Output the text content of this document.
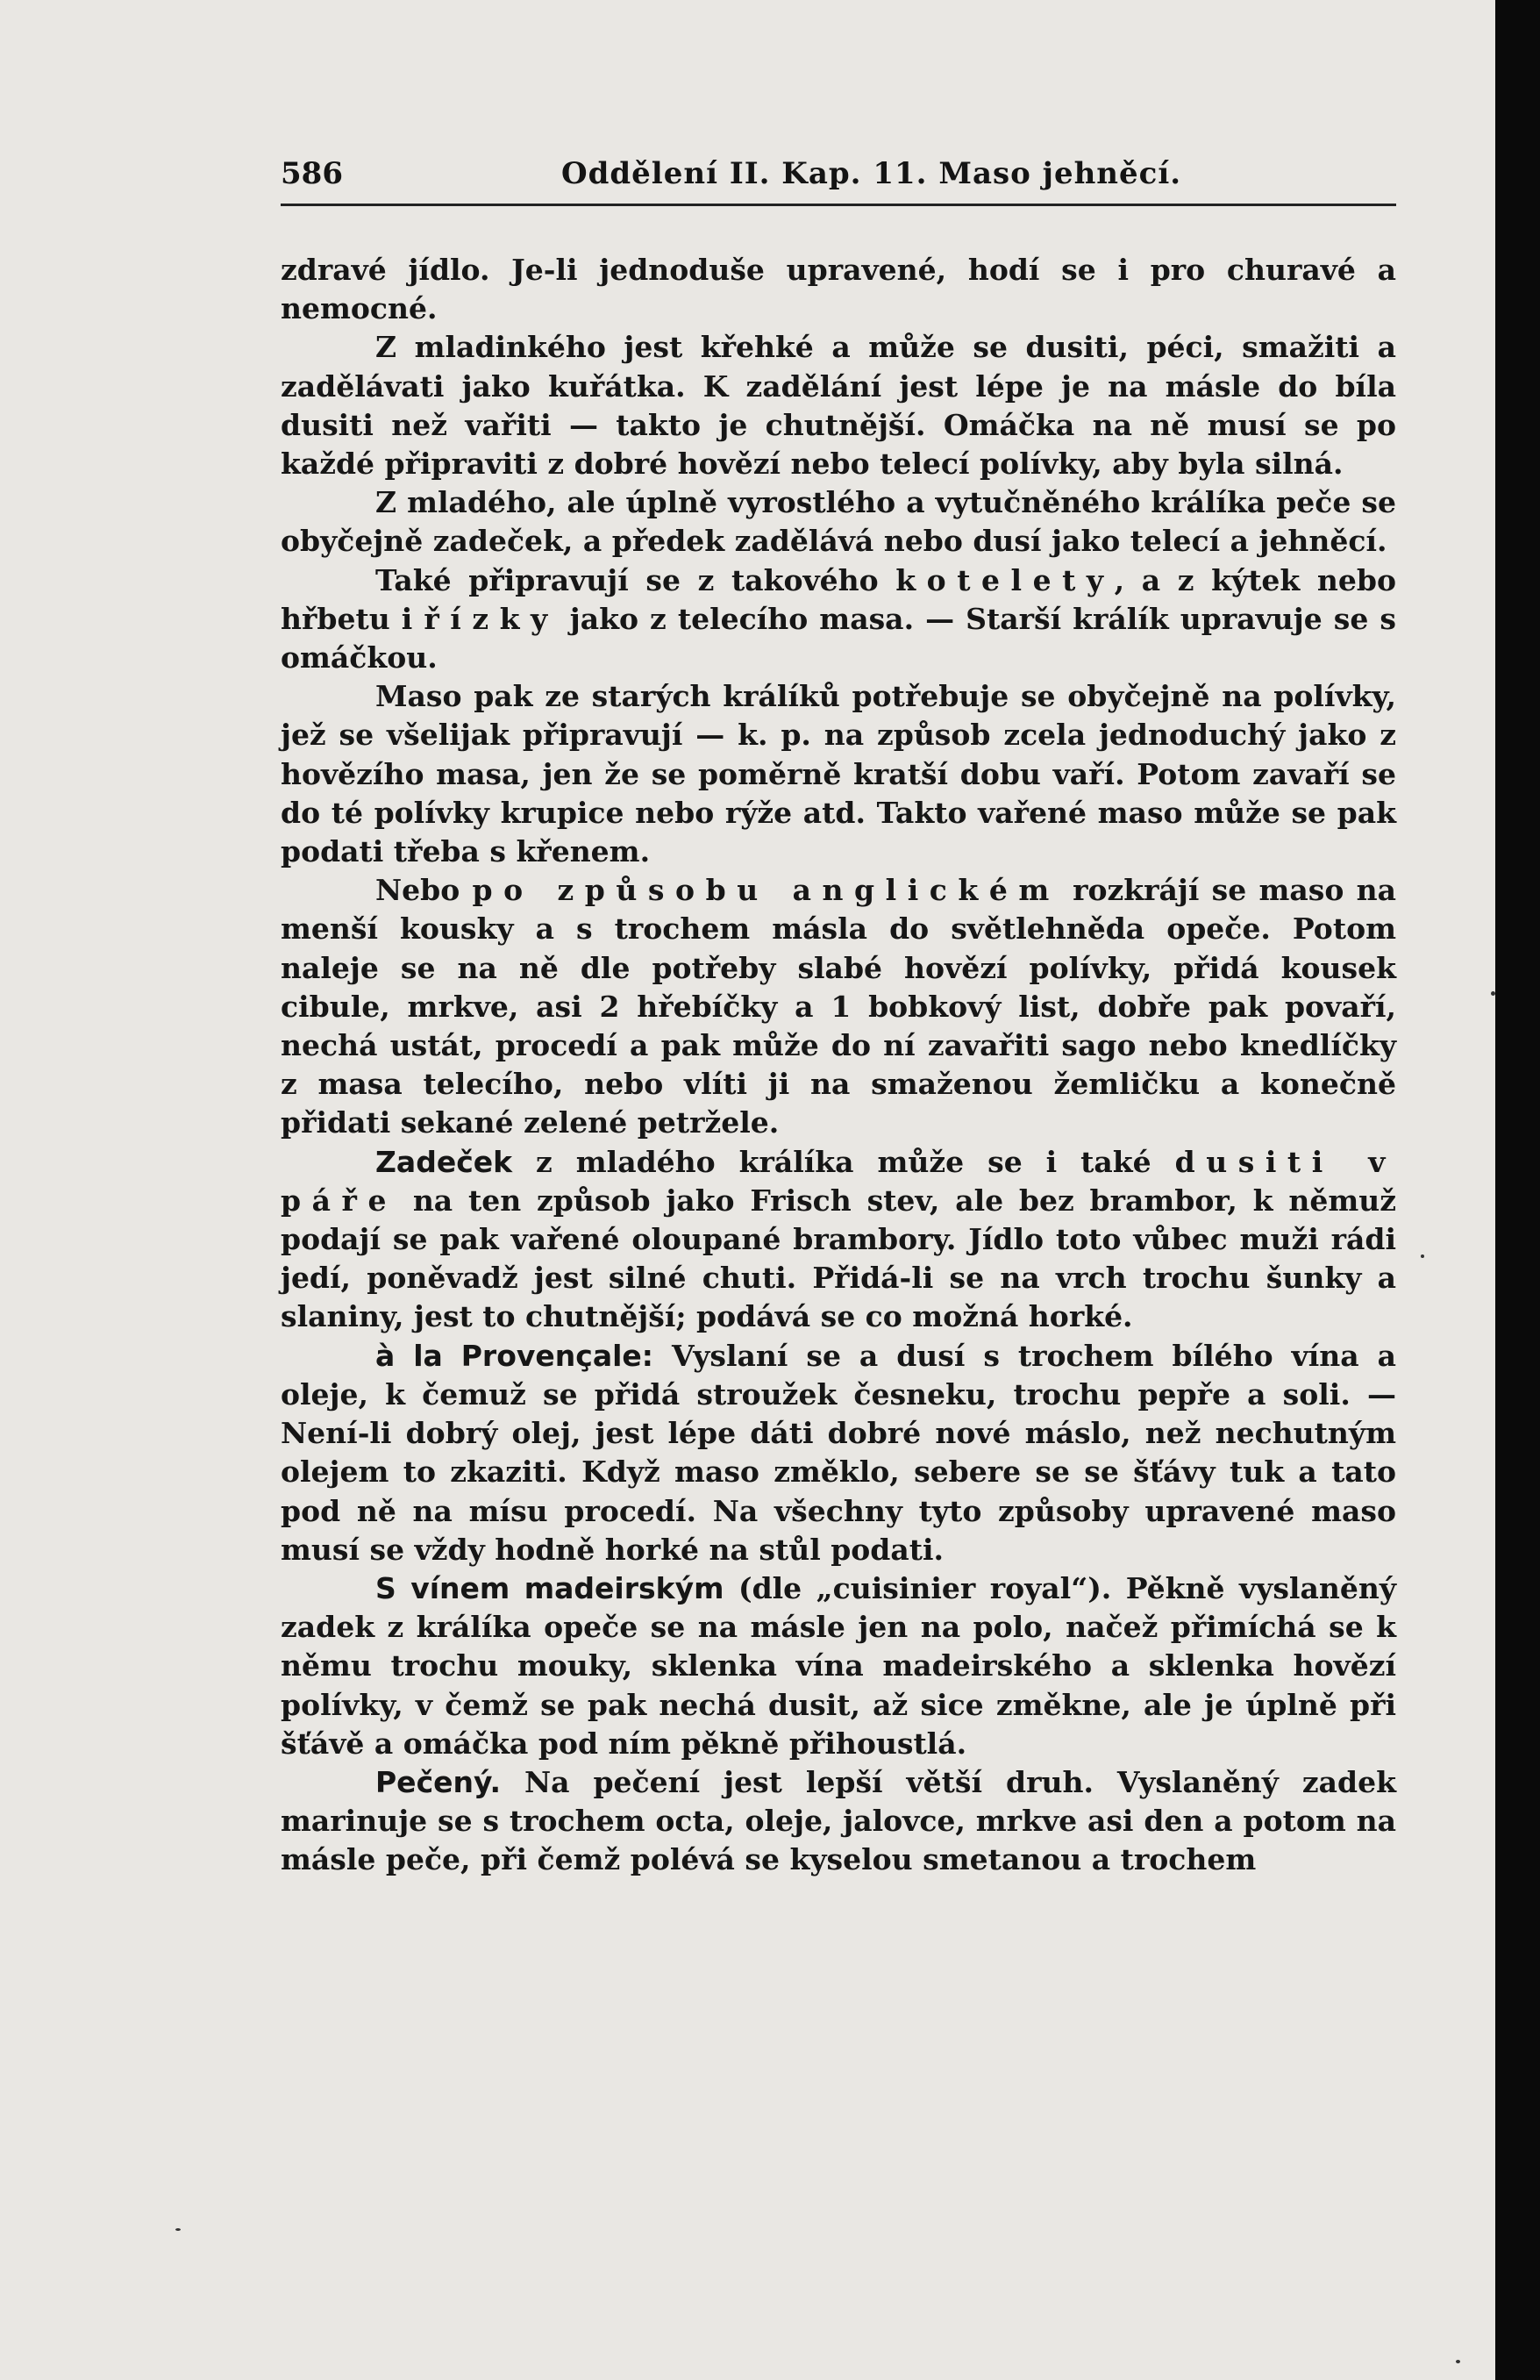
586	Oddělení II. Kap. 11. Maso jehněcí.

zdravé jídlo. Je-li jednoduše upravené, hodí se i pro churavé a nemocné.

Z mladinkého jest křehké a může se dusiti, péci, smažiti a zadělávati jako kuřátka. K zadělání jest lépe je na másle do bíla dusiti než vařiti — takto je chutnější. Omáčka na ně musí se po každé připraviti z dobré hovězí nebo telecí polívky, aby byla silná.

Z mladého, ale úplně vyrostlého a vytučněného králíka peče se obyčejně zadeček, a předek zadělává nebo dusí jako telecí a jehněcí.

Také připravují se z takového kotelety, a z kýtek nebo hřbetu i řízky jako z telecího masa. — Starší králík upravuje se s omáčkou.

Maso pak ze starých králíků potřebuje se obyčejně na polívky, jež se všelijak připravují — k. p. na způsob zcela jednoduchý jako z hovězího masa, jen že se poměrně kratší dobu vaří. Potom zavaří se do té polívky krupice nebo rýže atd. Takto vařené maso může se pak podati třeba s křenem.

Nebo po způsobu anglickém rozkrájí se maso na menší kousky a s trochem másla do světlehnědа opeče. Potom naleje se na ně dle potřeby slabé hovězí polívky, přidá kousek cibule, mrkve, asi 2 hřebíčky a 1 bobkový list, dobře pak povaří, nechá ustát, procedí a pak může do ní zavařiti sago nebo knedlíčky z masa telecího, nebo vlíti ji na smaženou žemličku a konečně přidati sekané zelené petržele.

Zadeček z mladého králíka může se i také dusiti v páře na ten způsob jako Frisch stev, ale bez brambor, k němuž podají se pak vařené oloupané brambory. Jídlo toto vůbec muži rádi jedí, poněvadž jest silné chuti. Přidá-li se na vrch trochu šunky a slaniny, jest to chutnější; podává se co možná horké.

à la Provençale: Vyslaní se a dusí s trochem bílého vína a oleje, k čemuž se přidá stroužek česneku, trochu pepře a soli. — Není-li dobrý olej, jest lépe dáti dobré nové máslo, než nechutným olejem to zkaziti. Když maso změklo, sebere se se šťávy tuk a tato pod ně na mísu procedí. Na všechny tyto způsoby upravené maso musí se vždy hodně horké na stůl podati.

S vínem madeirským (dle „cuisinier royal“). Pěkně vyslaněný zadek z králíka opeče se na másle jen na polo, načež přimíchá se k němu trochu mouky, sklenka vína madeirského a sklenka hovězí polívky, v čemž se pak nechá dusit, až sice změkne, ale je úplně při šťávě a omáčka pod ním pěkně přihoustlá.

Pečený. Na pečení jest lepší větší druh. Vyslaněný zadek marinuje se s trochem octa, oleje, jalovce, mrkve asi den a potom na másle peče, při čemž polévá se kyselou smetanou a trochem
